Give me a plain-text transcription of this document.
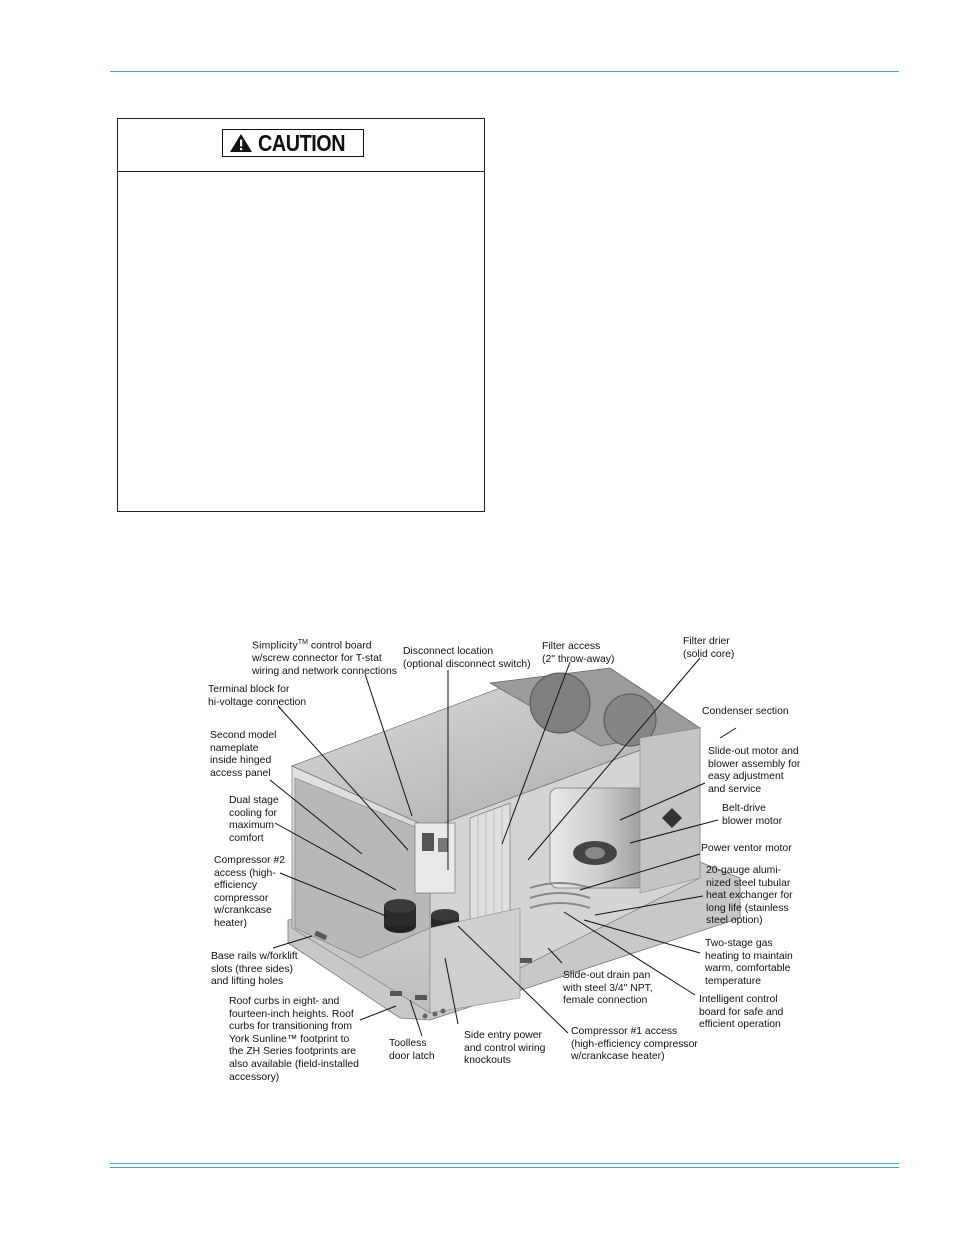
CAUTION
Simplicity™ control board
w/screw connector for T-stat
wiring and network connections
Disconnect location
(optional disconnect switch)
Filter access
(2" throw-away)
Filter drier
(solid core)
Terminal block for
hi-voltage connection
Condenser section
Second model
nameplate
inside hinged
access panel
Slide-out motor and
blower assembly for
easy adjustment
and service
Dual stage
cooling for
maximum
comfort
Belt-drive
blower motor
Power ventor motor
Compressor #2
access (high-
efficiency
compressor
w/crankcase
heater)
20-gauge alumi-
nized steel tubular
heat exchanger for
long life (stainless
steel option)
Base rails w/forklift
slots (three sides)
and lifting holes
Two-stage gas
heating to maintain
warm, comfortable
temperature
Slide-out drain pan
with steel 3/4" NPT,
female connection
Roof curbs in eight- and
fourteen-inch heights. Roof
curbs for transitioning from
York Sunline™ footprint to
the ZH Series footprints are
also available (field-installed
accessory)
Intelligent control
board for safe and
efficient operation
Compressor #1 access
(high-efficiency compressor
w/crankcase heater)
Toolless
door latch
Side entry power
and control wiring
knockouts
